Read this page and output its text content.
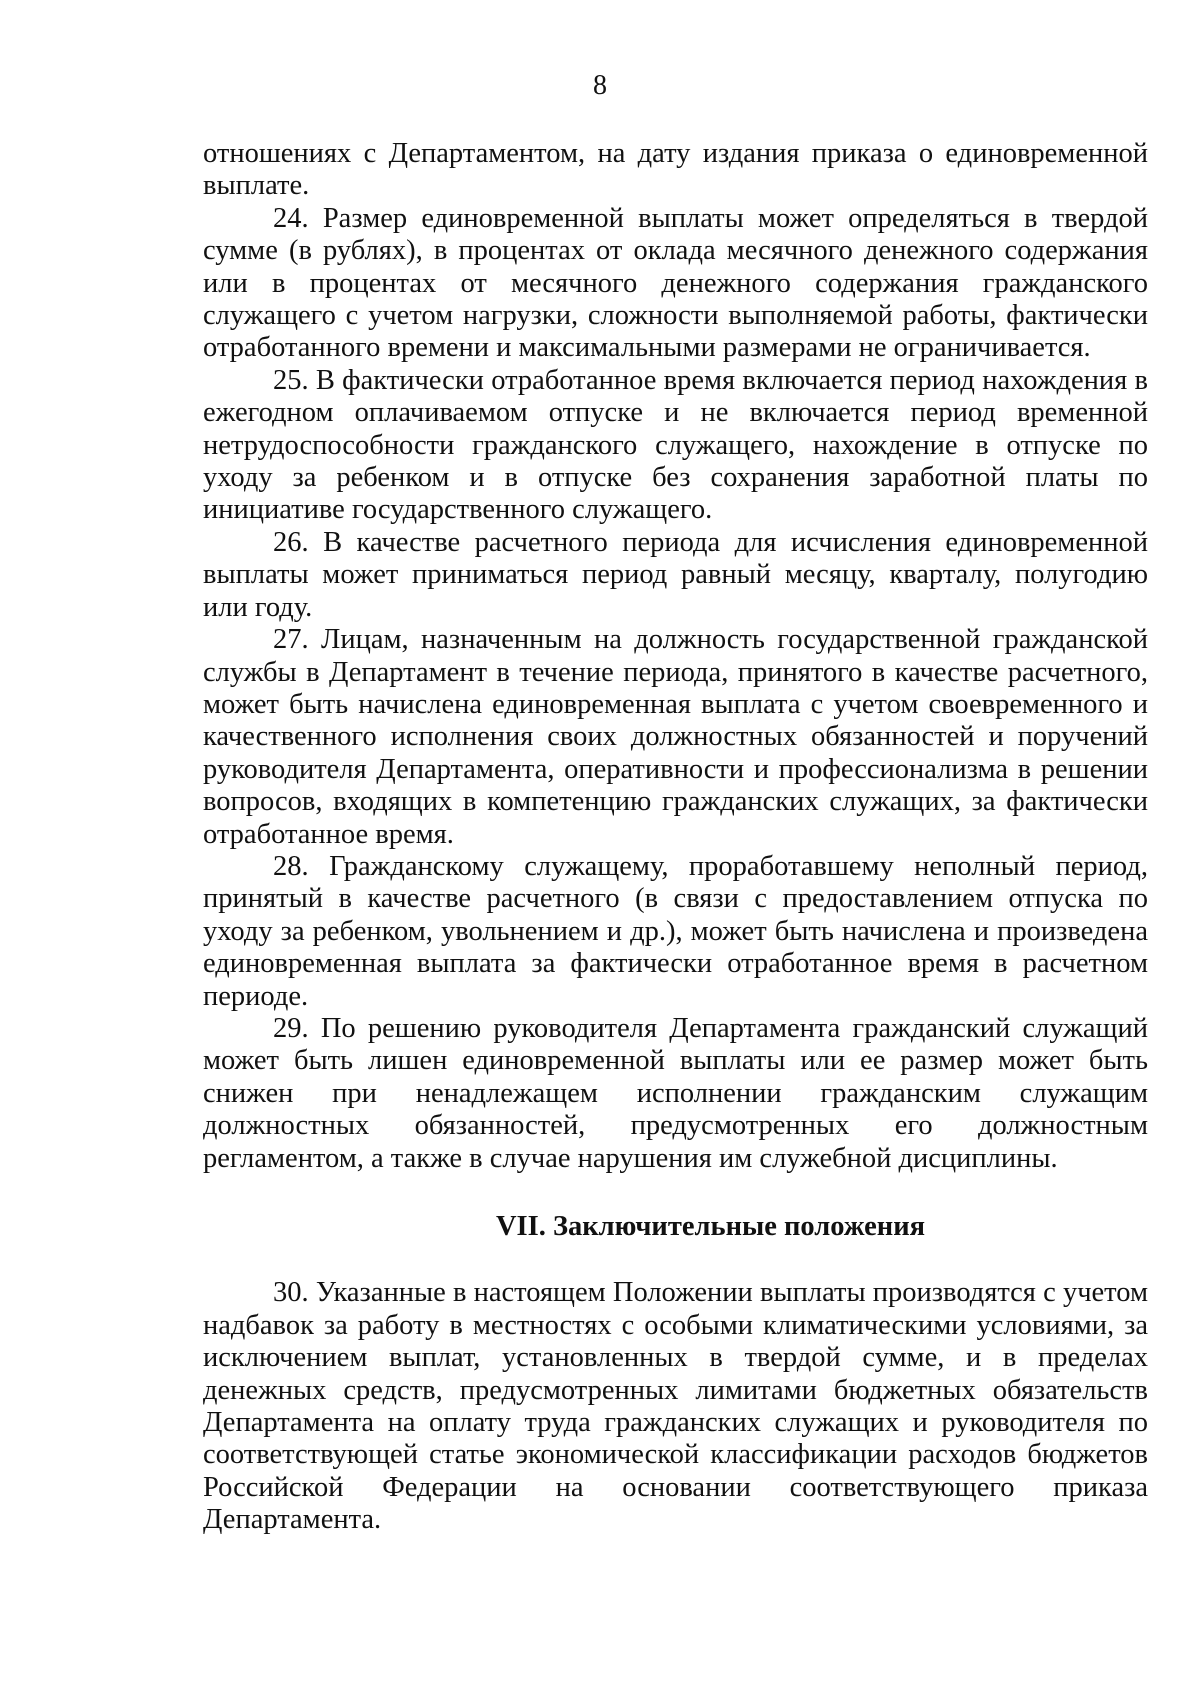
8

отношениях с Департаментом, на дату издания приказа о единовременной выплате.

24. Размер единовременной выплаты может определяться в твердой сумме (в рублях), в процентах от оклада месячного денежного содержания или в процентах от месячного денежного содержания гражданского служащего с учетом нагрузки, сложности выполняемой работы, фактически отработанного времени и максимальными размерами не ограничивается.

25. В фактически отработанное время включается период нахождения в ежегодном оплачиваемом отпуске и не включается период временной нетрудоспособности гражданского служащего, нахождение в отпуске по уходу за ребенком и в отпуске без сохранения заработной платы по инициативе государственного служащего.

26. В качестве расчетного периода для исчисления единовременной выплаты может приниматься период равный месяцу, кварталу, полугодию или году.

27. Лицам, назначенным на должность государственной гражданской службы в Департамент в течение периода, принятого в качестве расчетного, может быть начислена единовременная выплата с учетом своевременного и качественного исполнения своих должностных обязанностей и поручений руководителя Департамента, оперативности и профессионализма в решении вопросов, входящих в компетенцию гражданских служащих, за фактически отработанное время.

28. Гражданскому служащему, проработавшему неполный период, принятый в качестве расчетного (в связи с предоставлением отпуска по уходу за ребенком, увольнением и др.), может быть начислена и произведена единовременная выплата за фактически отработанное время в расчетном периоде.

29. По решению руководителя Департамента гражданский служащий может быть лишен единовременной выплаты или ее размер может быть снижен при ненадлежащем исполнении гражданским служащим должностных обязанностей, предусмотренных его должностным регламентом, а также в случае нарушения им служебной дисциплины.

VII. Заключительные положения

30. Указанные в настоящем Положении выплаты производятся с учетом надбавок за работу в местностях с особыми климатическими условиями, за исключением выплат, установленных в твердой сумме, и в пределах денежных средств, предусмотренных лимитами бюджетных обязательств Департамента на оплату труда гражданских служащих и руководителя по соответствующей статье экономической классификации расходов бюджетов Российской Федерации на основании соответствующего приказа Департамента.
